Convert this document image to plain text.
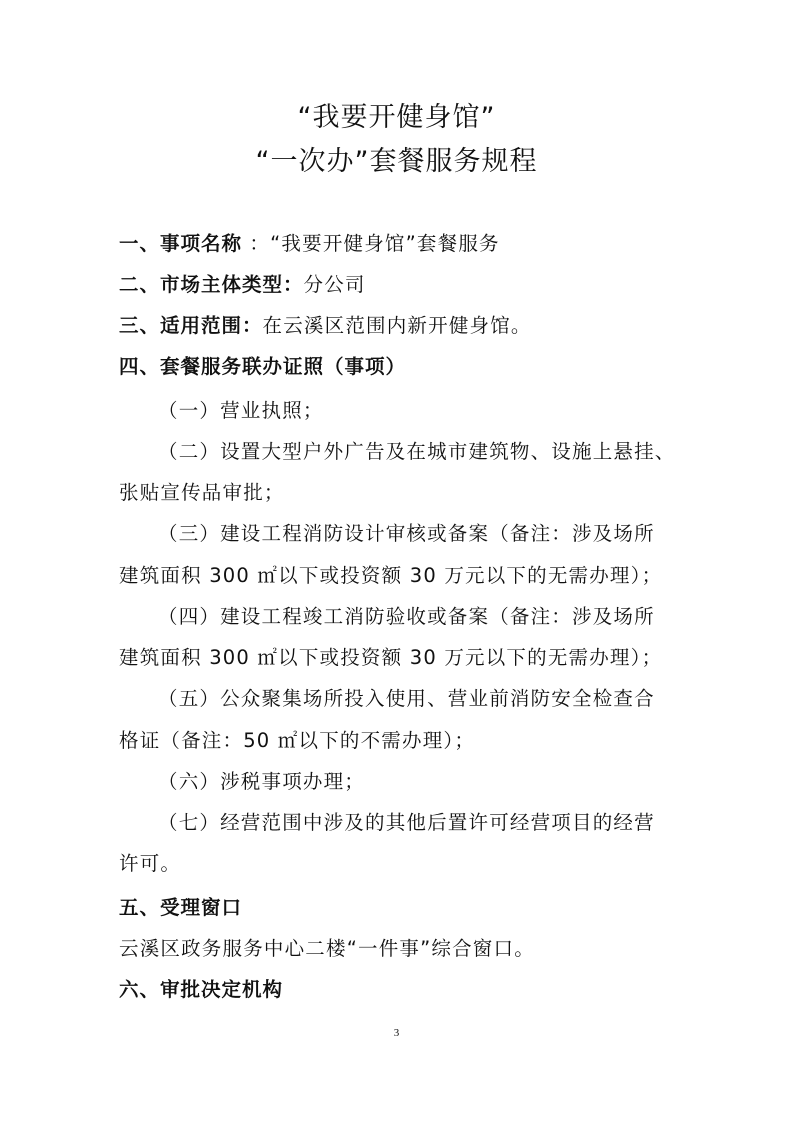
“我要开健身馆”
“一次办”套餐服务规程
一、事项名称 ：“我要开健身馆”套餐服务
二、市场主体类型：分公司
三、适用范围：在云溪区范围内新开健身馆。
四、套餐服务联办证照（事项）
（一）营业执照；
（二）设置大型户外广告及在城市建筑物、设施上悬挂、
张贴宣传品审批；
（三）建设工程消防设计审核或备案（备注：涉及场所
建筑面积 300 ㎡以下或投资额 30 万元以下的无需办理）；
（四）建设工程竣工消防验收或备案（备注：涉及场所
建筑面积 300 ㎡以下或投资额 30 万元以下的无需办理）；
（五）公众聚集场所投入使用、营业前消防安全检查合
格证（备注：50 ㎡以下的不需办理）；
（六）涉税事项办理；
（七）经营范围中涉及的其他后置许可经营项目的经营
许可。
五、受理窗口
云溪区政务服务中心二楼“一件事”综合窗口。
六、审批决定机构
3
